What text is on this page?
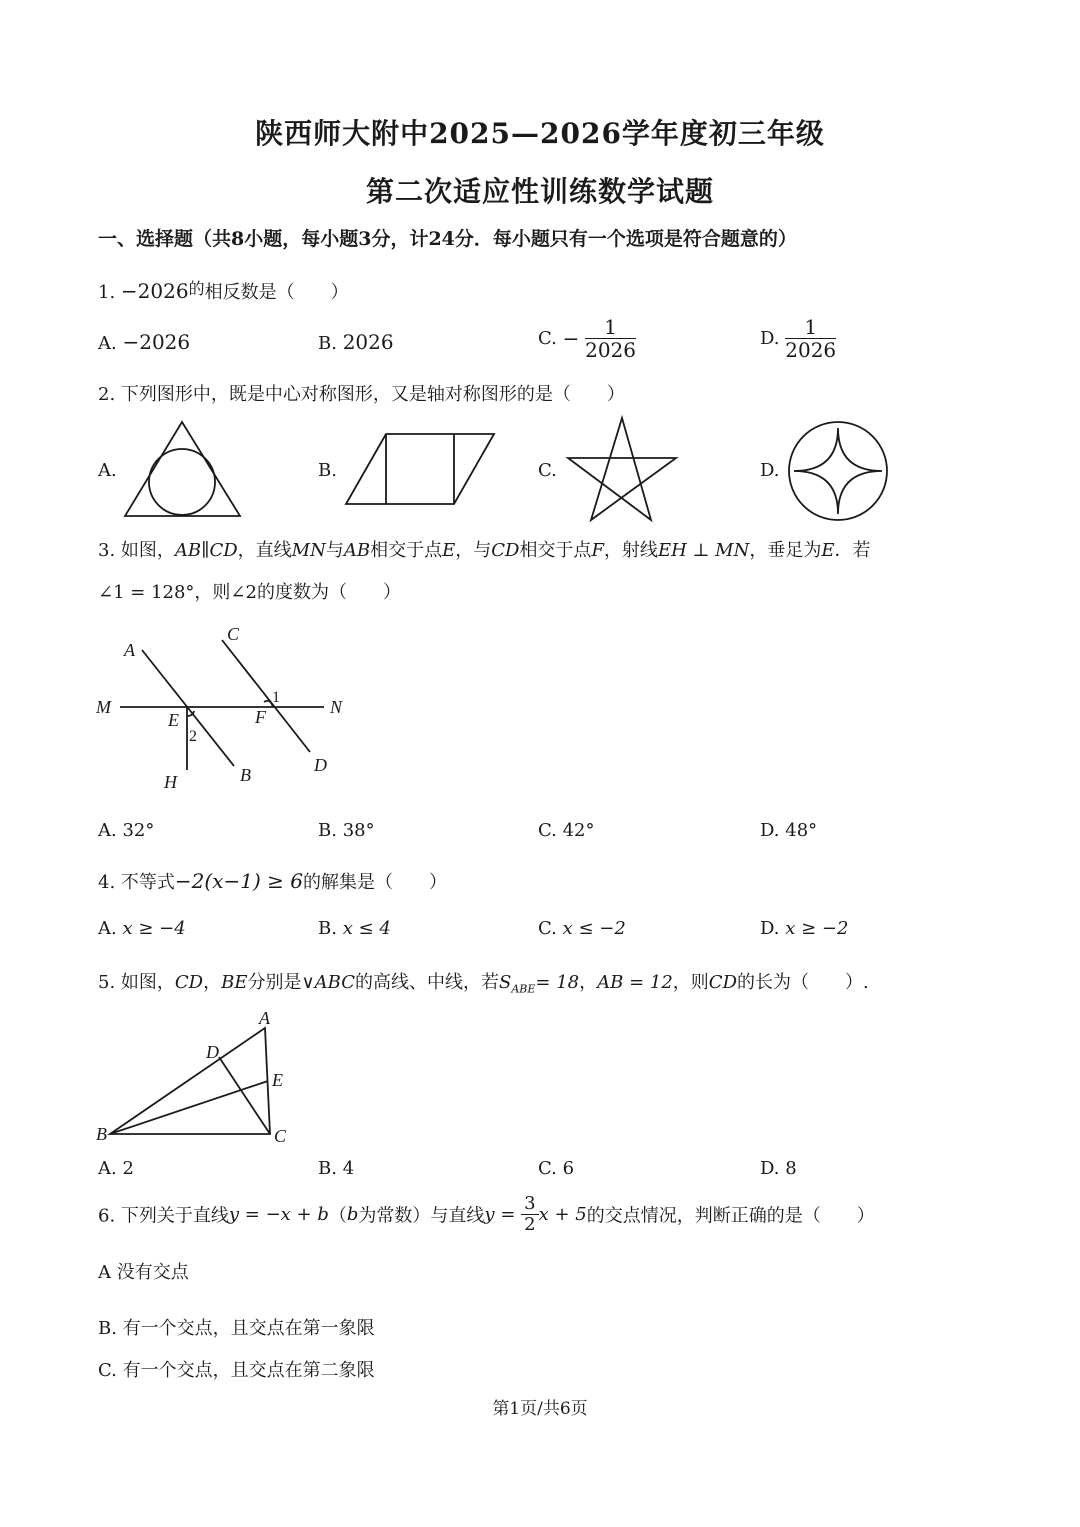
陕西师大附中2025—2026学年度初三年级
第二次适应性训练数学试题
一、选择题（共8小题，每小题3分，计24分．每小题只有一个选项是符合题意的）
1. −2026的相反数是（　　）
A. −2026	B. 2026	C. − $\frac{1}{2026}$	D. $\frac{1}{2026}$
2. 下列图形中，既是中心对称图形，又是轴对称图形的是（　　）
A.	B.	C.	D.
3. 如图，AB∥CD，直线MN与AB相交于点E，与CD相交于点F，射线EH ⊥ MN，垂足为E．若
∠1 = 128°，则∠2的度数为（　　）
A
C
M	N
E	F
1
2
B	D
H
A. 32°	B. 38°	C. 42°	D. 48°
4. 不等式−2(x−1) ≥ 6的解集是（　　）
A. x ≥ −4	B. x ≤ 4	C. x ≤ −2	D. x ≥ −2
5. 如图，CD，BE分别是∨ABC的高线、中线，若$S_{ABE}= 18$，AB = 12，则CD的长为（　　）.
A
D
E
B	C
A. 2	B. 4	C. 6	D. 8
6. 下列关于直线y = −x + b（b为常数）与直线$y = \frac{3}{2}$ x + 5的交点情况，判断正确的是（　　）
A 没有交点
B. 有一个交点，且交点在第一象限
C. 有一个交点，且交点在第二象限
第1页/共6页
